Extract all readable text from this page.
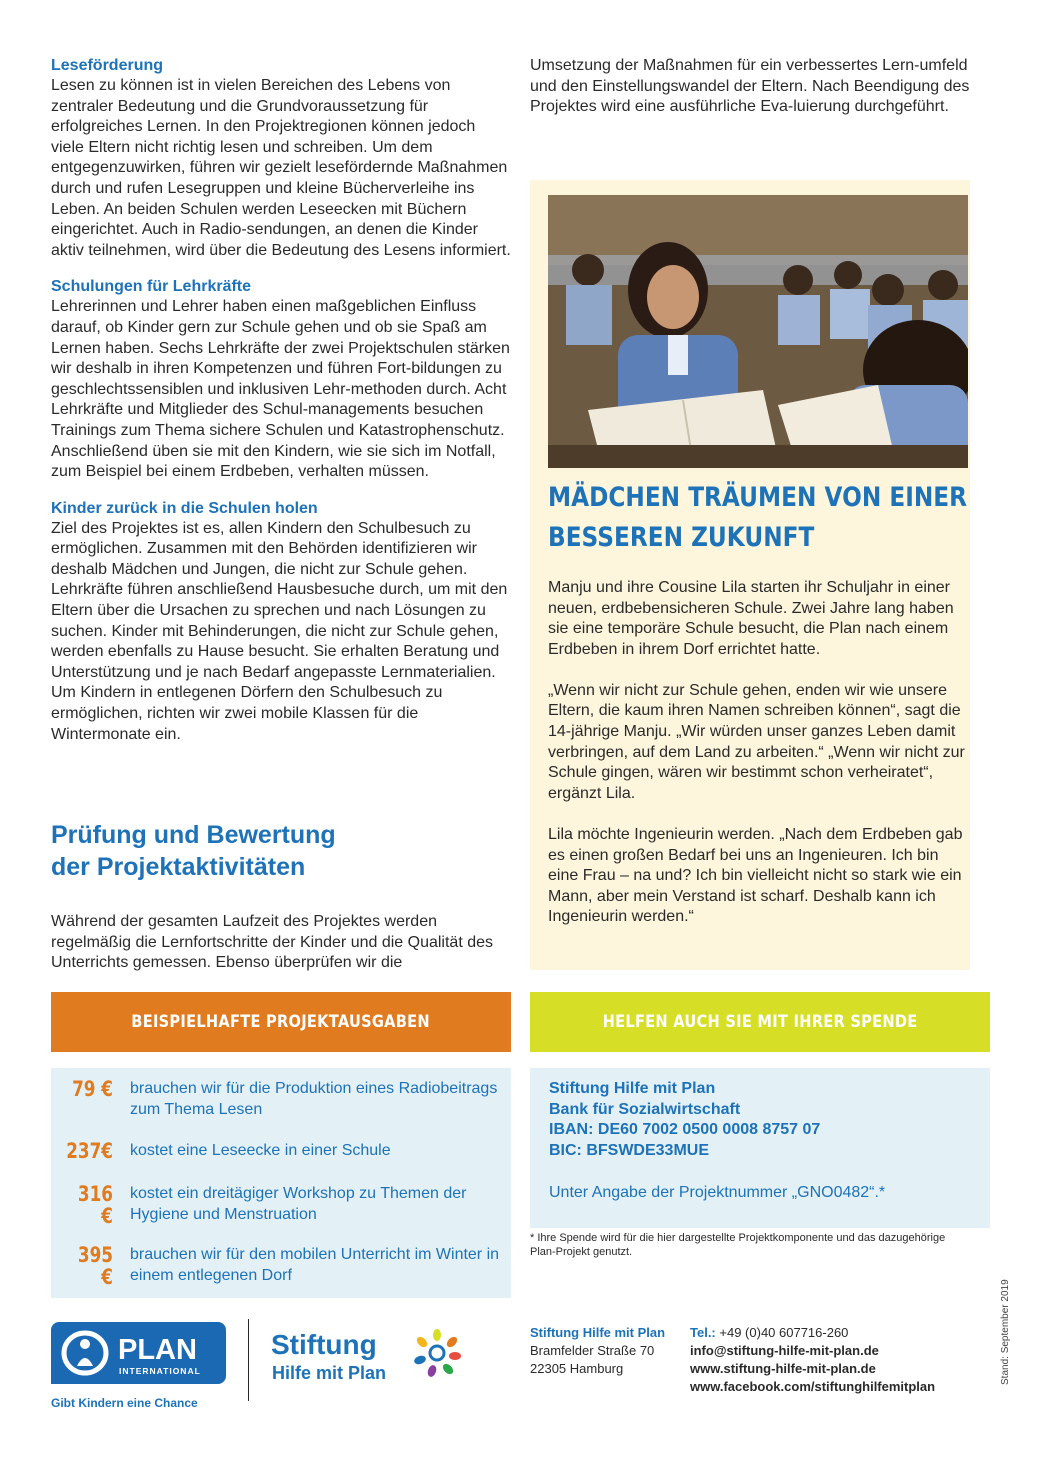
Leseförderung

Lesen zu können ist in vielen Bereichen des Lebens von zentraler Bedeutung und die Grundvoraussetzung für erfolgreiches Lernen. In den Projektregionen können jedoch viele Eltern nicht richtig lesen und schreiben. Um dem entgegenzuwirken, führen wir gezielt lesefördernde Maßnahmen durch und rufen Lesegruppen und kleine Bücherverleihe ins Leben. An beiden Schulen werden Leseecken mit Büchern eingerichtet. Auch in Radio-sendungen, an denen die Kinder aktiv teilnehmen, wird über die Bedeutung des Lesens informiert.

Schulungen für Lehrkräfte

Lehrerinnen und Lehrer haben einen maßgeblichen Einfluss darauf, ob Kinder gern zur Schule gehen und ob sie Spaß am Lernen haben. Sechs Lehrkräfte der zwei Projektschulen stärken wir deshalb in ihren Kompetenzen und führen Fort-bildungen zu geschlechtssensiblen und inklusiven Lehr-methoden durch. Acht Lehrkräfte und Mitglieder des Schul-managements besuchen Trainings zum Thema sichere Schulen und Katastrophenschutz. Anschließend üben sie mit den Kindern, wie sie sich im Notfall, zum Beispiel bei einem Erdbeben, verhalten müssen.

Kinder zurück in die Schulen holen

Ziel des Projektes ist es, allen Kindern den Schulbesuch zu ermöglichen. Zusammen mit den Behörden identifizieren wir deshalb Mädchen und Jungen, die nicht zur Schule gehen. Lehrkräfte führen anschließend Hausbesuche durch, um mit den Eltern über die Ursachen zu sprechen und nach Lösungen zu suchen. Kinder mit Behinderungen, die nicht zur Schule gehen, werden ebenfalls zu Hause besucht. Sie erhalten Beratung und Unterstützung und je nach Bedarf angepasste Lernmaterialien. Um Kindern in entlegenen Dörfern den Schulbesuch zu ermöglichen, richten wir zwei mobile Klassen für die Wintermonate ein.

Prüfung und Bewertung
der Projektaktivitäten

Während der gesamten Laufzeit des Projektes werden regelmäßig die Lernfortschritte der Kinder und die Qualität des Unterrichts gemessen. Ebenso überprüfen wir die

Umsetzung der Maßnahmen für ein verbessertes Lern-umfeld und den Einstellungswandel der Eltern. Nach Beendigung des Projektes wird eine ausführliche Eva-luierung durchgeführt.

MÄDCHEN TRÄUMEN VON EINER
BESSEREN ZUKUNFT

Manju und ihre Cousine Lila starten ihr Schuljahr in einer neuen, erdbebensicheren Schule. Zwei Jahre lang haben sie eine temporäre Schule besucht, die Plan nach einem Erdbeben in ihrem Dorf errichtet hatte.

„Wenn wir nicht zur Schule gehen, enden wir wie unsere Eltern, die kaum ihren Namen schreiben können“, sagt die 14-jährige Manju. „Wir würden unser ganzes Leben damit verbringen, auf dem Land zu arbeiten.“ „Wenn wir nicht zur Schule gingen, wären wir bestimmt schon verheiratet“, ergänzt Lila.

Lila möchte Ingenieurin werden. „Nach dem Erdbeben gab es einen großen Bedarf bei uns an Ingenieuren. Ich bin eine Frau – na und? Ich bin vielleicht nicht so stark wie ein Mann, aber mein Verstand ist scharf. Deshalb kann ich Ingenieurin werden.“

BEISPIELHAFTE PROJEKTAUSGABEN	HELFEN AUCH SIE MIT IHRER SPENDE
79 € brauchen wir für die Produktion eines Radiobeitrags zum Thema Lesen
237€ kostet eine Leseecke in einer Schule
316 €
kostet ein dreitägiger Workshop zu Themen der Hygiene und Menstruation
395 €
brauchen wir für den mobilen Unterricht im Winter in einem entlegenen Dorf
Stiftung Hilfe mit Plan
Bank für Sozialwirtschaft
IBAN: DE60 7002 0500 0008 8757 07
BIC: BFSWDE33MUE
Unter Angabe der Projektnummer „GNO0482“.*
* Ihre Spende wird für die hier dargestellte Projektkomponente und das dazugehörige Plan-Projekt genutzt.
PLAN
INTERNATIONAL
Gibt Kindern eine Chance
Stiftung
Hilfe mit Plan
Stiftung Hilfe mit Plan
Bramfelder Straße 70
22305 Hamburg
Tel.: +49 (0)40 607716-260
info@stiftung-hilfe-mit-plan.de
www.stiftung-hilfe-mit-plan.de
www.facebook.com/stiftunghilfemitplan
Stand: September 2019
